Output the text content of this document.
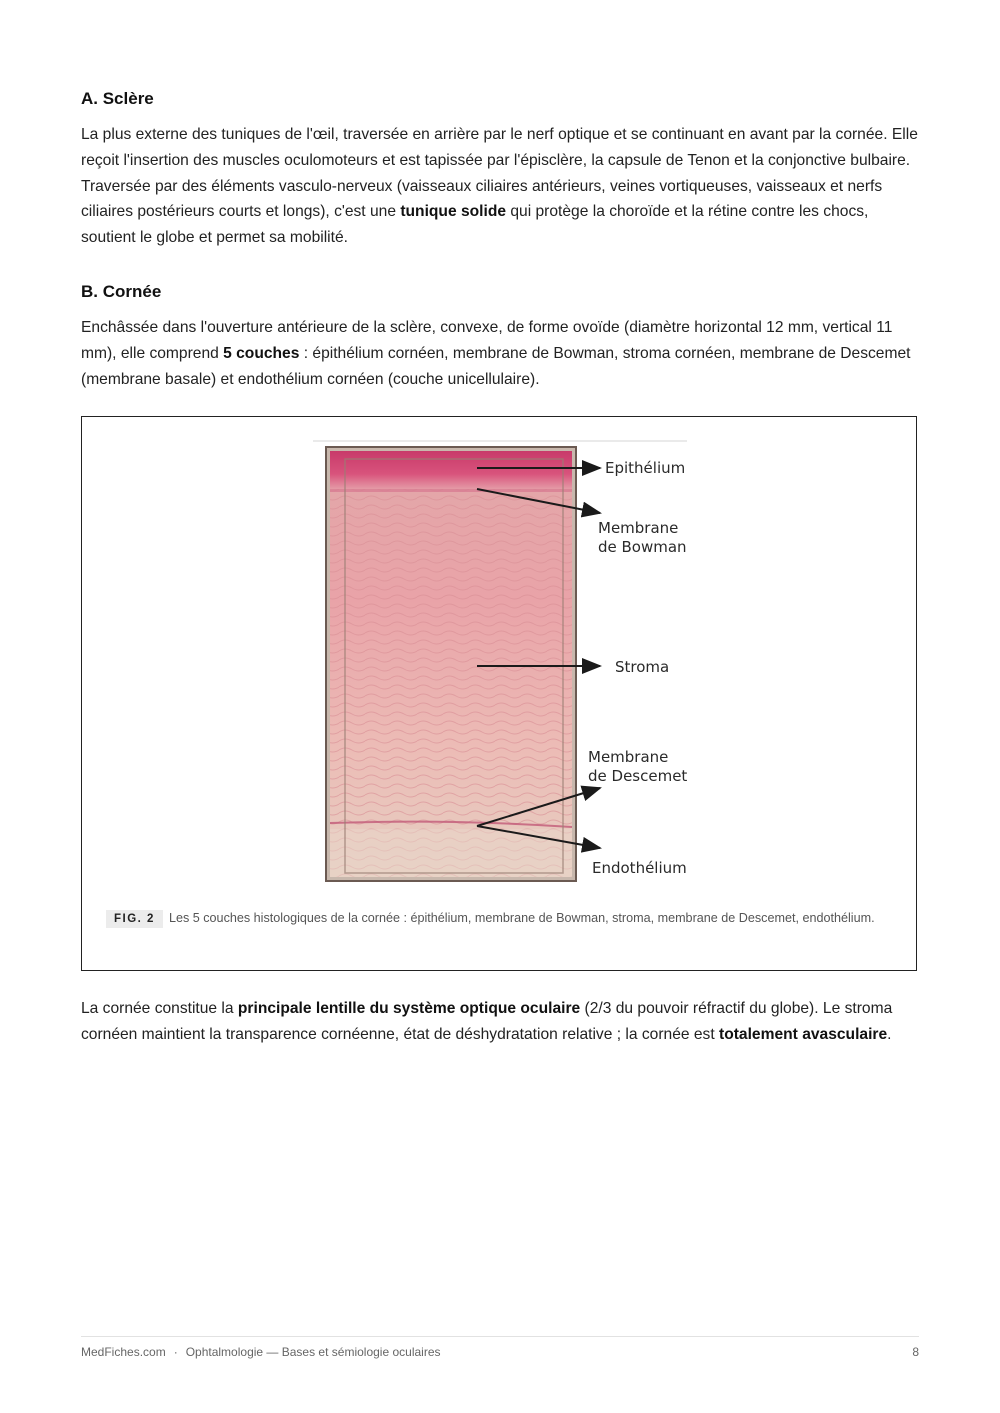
A. Sclère

La plus externe des tuniques de l'œil, traversée en arrière par le nerf optique et se continuant en avant par la cornée. Elle reçoit l'insertion des muscles oculomoteurs et est tapissée par l'épisclère, la capsule de Tenon et la conjonctive bulbaire. Traversée par des éléments vasculo-nerveux (vaisseaux ciliaires antérieurs, veines vortiqueuses, vaisseaux et nerfs ciliaires postérieurs courts et longs), c'est une tunique solide qui protège la choroïde et la rétine contre les chocs, soutient le globe et permet sa mobilité.

B. Cornée

Enchâssée dans l'ouverture antérieure de la sclère, convexe, de forme ovoïde (diamètre horizontal 12 mm, vertical 11 mm), elle comprend 5 couches : épithélium cornéen, membrane de Bowman, stroma cornéen, membrane de Descemet (membrane basale) et endothélium cornéen (couche unicellulaire).

Epithélium
Membrane
de Bowman
Stroma
Membrane
de Descemet
Endothélium
FIG. 2 Les 5 couches histologiques de la cornée : épithélium, membrane de Bowman, stroma, membrane de Descemet, endothélium.

La cornée constitue la principale lentille du système optique oculaire (2/3 du pouvoir réfractif du globe). Le stroma cornéen maintient la transparence cornéenne, état de déshydratation relative ; la cornée est totalement avasculaire.

MedFiches.com · Ophtalmologie — Bases et sémiologie oculaires	8
